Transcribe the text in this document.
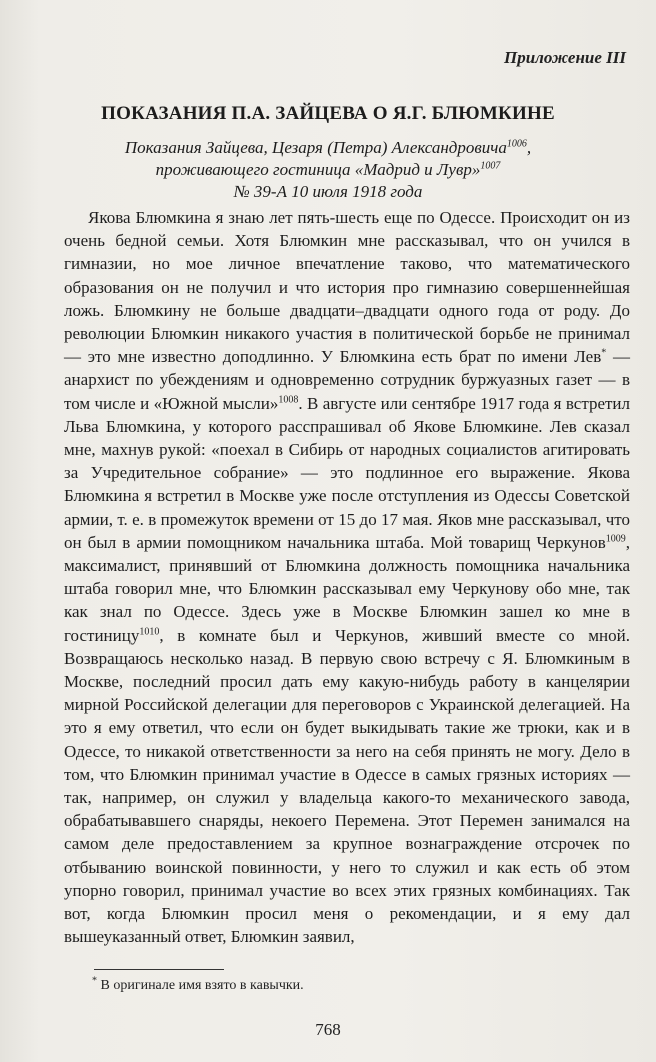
Приложение III
ПОКАЗАНИЯ П.А. ЗАЙЦЕВА О Я.Г. БЛЮМКИНЕ
Показания Зайцева, Цезаря (Петра) Александровича$^{1006}$,
проживающего гостиница «Мадрид и Лувр»$^{1007}$
№ 39-А 10 июля 1918 года

Якова Блюмкина я знаю лет пять-шесть еще по Одессе. Происходит он из очень бедной семьи. Хотя Блюмкин мне рассказывал, что он учился в гимназии, но мое личное впечатление таково, что математического образования он не получил и что история про гимназию совершеннейшая ложь. Блюмкину не больше двадцати–двадцати одного года от роду. До революции Блюмкин никакого участия в политической борьбе не принимал — это мне известно доподлинно. У Блюмкина есть брат по имени Лев* — анархист по убеждениям и одновременно сотрудник буржуазных газет — в том числе и «Южной мысли»$^{1008}$. В августе или сентябре 1917 года я встретил Льва Блюмкина, у которого расспрашивал об Якове Блюмкине. Лев сказал мне, махнув рукой: «поехал в Сибирь от народных социалистов агитировать за Учредительное собрание» — это подлинное его выражение. Якова Блюмкина я встретил в Москве уже после отступления из Одессы Советской армии, т. е. в промежуток времени от 15 до 17 мая. Яков мне рассказывал, что он был в армии помощником начальника штаба. Мой товарищ Черкунов$^{1009}$, максималист, принявший от Блюмкина должность помощника начальника штаба говорил мне, что Блюмкин рассказывал ему Черкунову обо мне, так как знал по Одессе. Здесь уже в Москве Блюмкин зашел ко мне в гостиницу$^{1010}$, в комнате был и Черкунов, живший вместе со мной. Возвращаюсь несколько назад. В первую свою встречу с Я. Блюмкиным в Москве, последний просил дать ему какую-нибудь работу в канцелярии мирной Российской делегации для переговоров с Украинской делегацией. На это я ему ответил, что если он будет выкидывать такие же трюки, как и в Одессе, то никакой ответственности за него на себя принять не могу. Дело в том, что Блюмкин принимал участие в Одессе в самых грязных историях — так, например, он служил у владельца какого-то механического завода, обрабатывавшего снаряды, некоего Перемена. Этот Перемен занимался на самом деле предоставлением за крупное вознаграждение отсрочек по отбыванию воинской повинности, у него то служил и как есть об этом упорно говорил, принимал участие во всех этих грязных комбинациях. Так вот, когда Блюмкин просил меня о рекомендации, и я ему дал вышеуказанный ответ, Блюмкин заявил,

* В оригинале имя взято в кавычки.
768
